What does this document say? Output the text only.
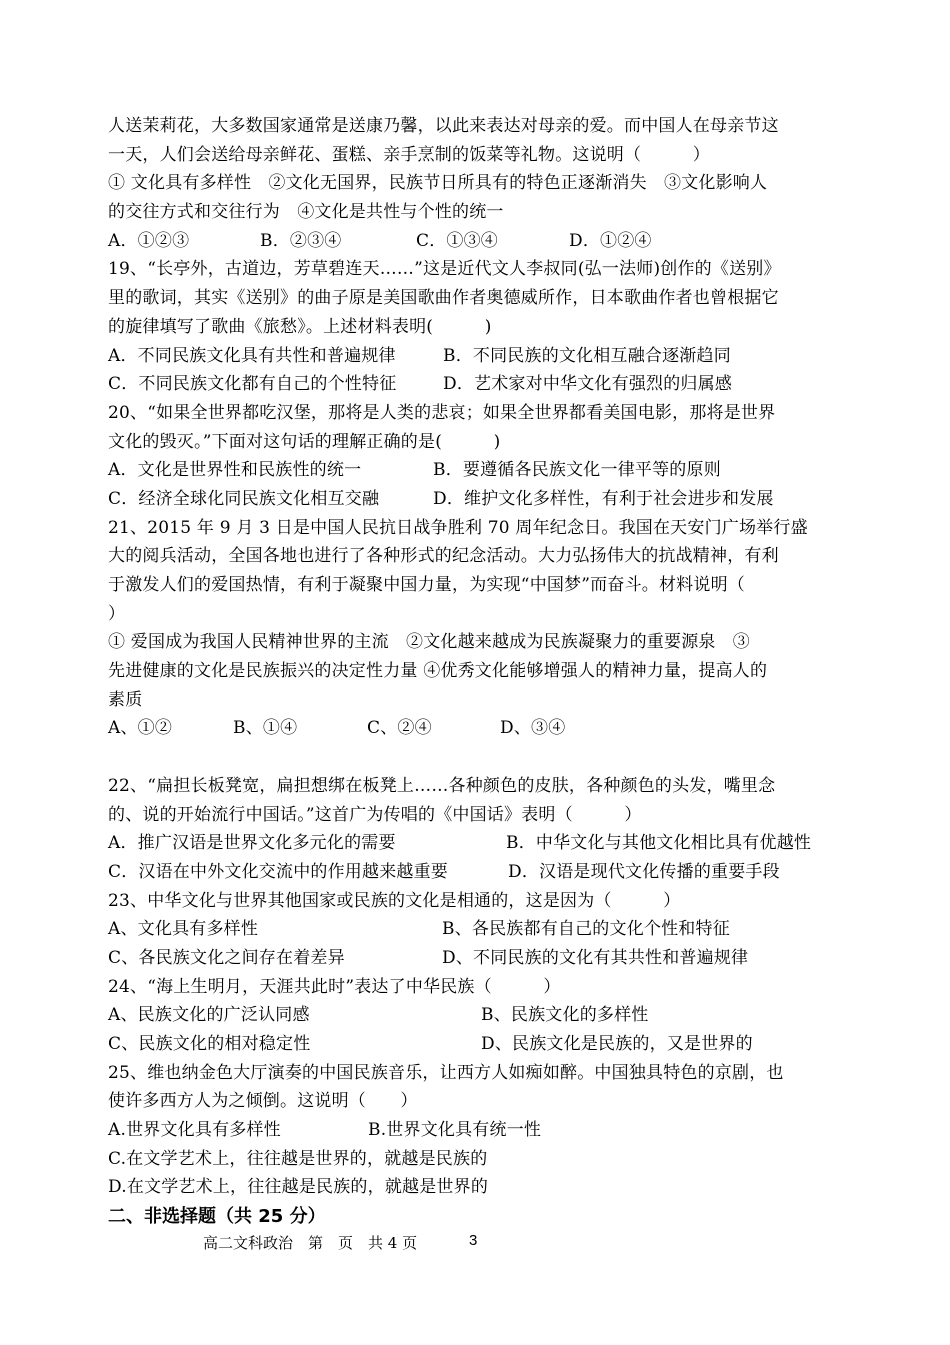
人送茉莉花，大多数国家通常是送康乃馨，以此来表达对母亲的爱。而中国人在母亲节这
一天，人们会送给母亲鲜花、蛋糕、亲手烹制的饭菜等礼物。这说明（　　　）
① 文化具有多样性　②文化无国界，民族节日所具有的特色正逐渐消失　③文化影响人
的交往方式和交往行为　④文化是共性与个性的统一
A．①②③	B．②③④	C．①③④	D．①②④
19、“长亭外，古道边，芳草碧连天……”这是近代文人李叔同(弘一法师)创作的《送别》
里的歌词，其实《送别》的曲子原是美国歌曲作者奥德威所作，日本歌曲作者也曾根据它
的旋律填写了歌曲《旅愁》。上述材料表明(　　　)
A．不同民族文化具有共性和普遍规律	B．不同民族的文化相互融合逐渐趋同
C．不同民族文化都有自己的个性特征	D．艺术家对中华文化有强烈的归属感
20、“如果全世界都吃汉堡，那将是人类的悲哀；如果全世界都看美国电影，那将是世界
文化的毁灭。”下面对这句话的理解正确的是(　　　)
A．文化是世界性和民族性的统一	B．要遵循各民族文化一律平等的原则
C．经济全球化同民族文化相互交融	D．维护文化多样性，有利于社会进步和发展
21、2015 年 9 月 3 日是中国人民抗日战争胜利 70 周年纪念日。我国在天安门广场举行盛
大的阅兵活动，全国各地也进行了各种形式的纪念活动。大力弘扬伟大的抗战精神，有利
于激发人们的爱国热情，有利于凝聚中国力量，为实现“中国梦”而奋斗。材料说明（
）
① 爱国成为我国人民精神世界的主流　②文化越来越成为民族凝聚力的重要源泉　③
先进健康的文化是民族振兴的决定性力量 ④优秀文化能够增强人的精神力量，提高人的
素质
A、①②	B、①④	C、②④	D、③④
22、“扁担长板凳宽，扁担想绑在板凳上……各种颜色的皮肤，各种颜色的头发，嘴里念
的、说的开始流行中国话。”这首广为传唱的《中国话》表明（　　　）
A．推广汉语是世界文化多元化的需要	B．中华文化与其他文化相比具有优越性
C．汉语在中外文化交流中的作用越来越重要	D．汉语是现代文化传播的重要手段
23、中华文化与世界其他国家或民族的文化是相通的，这是因为（　　　）
A、文化具有多样性	B、各民族都有自己的文化个性和特征
C、各民族文化之间存在着差异	D、不同民族的文化有其共性和普遍规律
24、“海上生明月，天涯共此时”表达了中华民族（　　　）
A、民族文化的广泛认同感	B、民族文化的多样性
C、民族文化的相对稳定性	D、民族文化是民族的，又是世界的
25、维也纳金色大厅演奏的中国民族音乐，让西方人如痴如醉。中国独具特色的京剧，也
使许多西方人为之倾倒。这说明（　　）
A.世界文化具有多样性	B.世界文化具有统一性
C.在文学艺术上，往往越是世界的，就越是民族的
D.在文学艺术上，往往越是民族的，就越是世界的
二、非选择题（共 25 分）
高二文科政治　第　页　共 4 页	3
